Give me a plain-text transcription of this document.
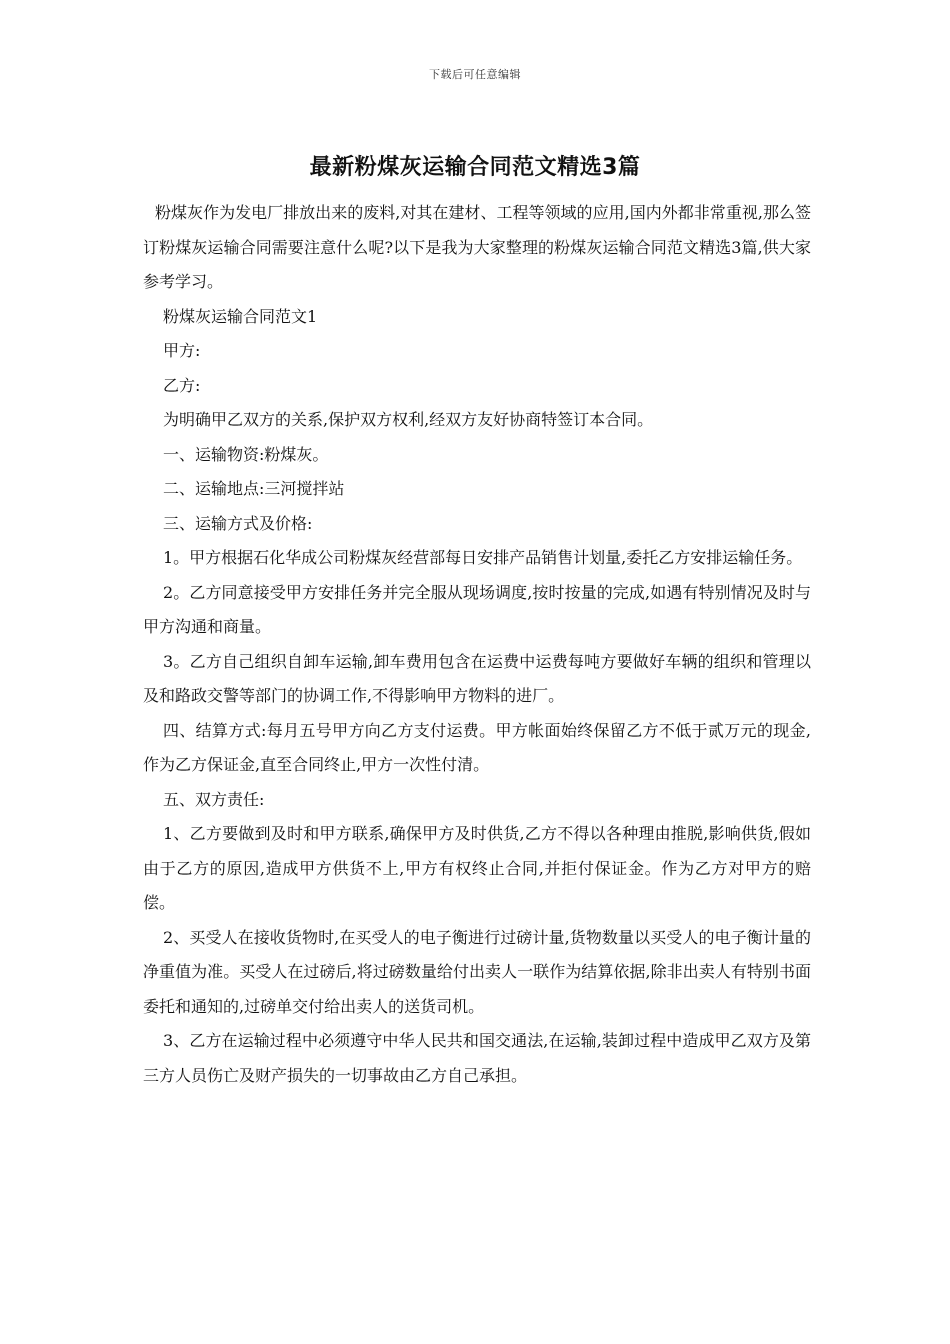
下载后可任意编辑
最新粉煤灰运输合同范文精选3篇

粉煤灰作为发电厂排放出来的废料,对其在建材、工程等领域的应用,国内外都非常重视,那么签订粉煤灰运输合同需要注意什么呢?以下是我为大家整理的粉煤灰运输合同范文精选3篇,供大家参考学习。

粉煤灰运输合同范文1

甲方:

乙方:

为明确甲乙双方的关系,保护双方权利,经双方友好协商特签订本合同。

一、运输物资:粉煤灰。

二、运输地点:三河搅拌站

三、运输方式及价格:

1。甲方根据石化华成公司粉煤灰经营部每日安排产品销售计划量,委托乙方安排运输任务。

2。乙方同意接受甲方安排任务并完全服从现场调度,按时按量的完成,如遇有特别情况及时与甲方沟通和商量。

3。乙方自己组织自卸车运输,卸车费用包含在运费中运费每吨方要做好车辆的组织和管理以及和路政交警等部门的协调工作,不得影响甲方物料的进厂。

四、结算方式:每月五号甲方向乙方支付运费。甲方帐面始终保留乙方不低于贰万元的现金,作为乙方保证金,直至合同终止,甲方一次性付清。

五、双方责任:

1、乙方要做到及时和甲方联系,确保甲方及时供货,乙方不得以各种理由推脱,影响供货,假如由于乙方的原因,造成甲方供货不上,甲方有权终止合同,并拒付保证金。作为乙方对甲方的赔偿。

2、买受人在接收货物时,在买受人的电子衡进行过磅计量,货物数量以买受人的电子衡计量的净重值为准。买受人在过磅后,将过磅数量给付出卖人一联作为结算依据,除非出卖人有特别书面委托和通知的,过磅单交付给出卖人的送货司机。

3、乙方在运输过程中必须遵守中华人民共和国交通法,在运输,装卸过程中造成甲乙双方及第三方人员伤亡及财产损失的一切事故由乙方自己承担。
